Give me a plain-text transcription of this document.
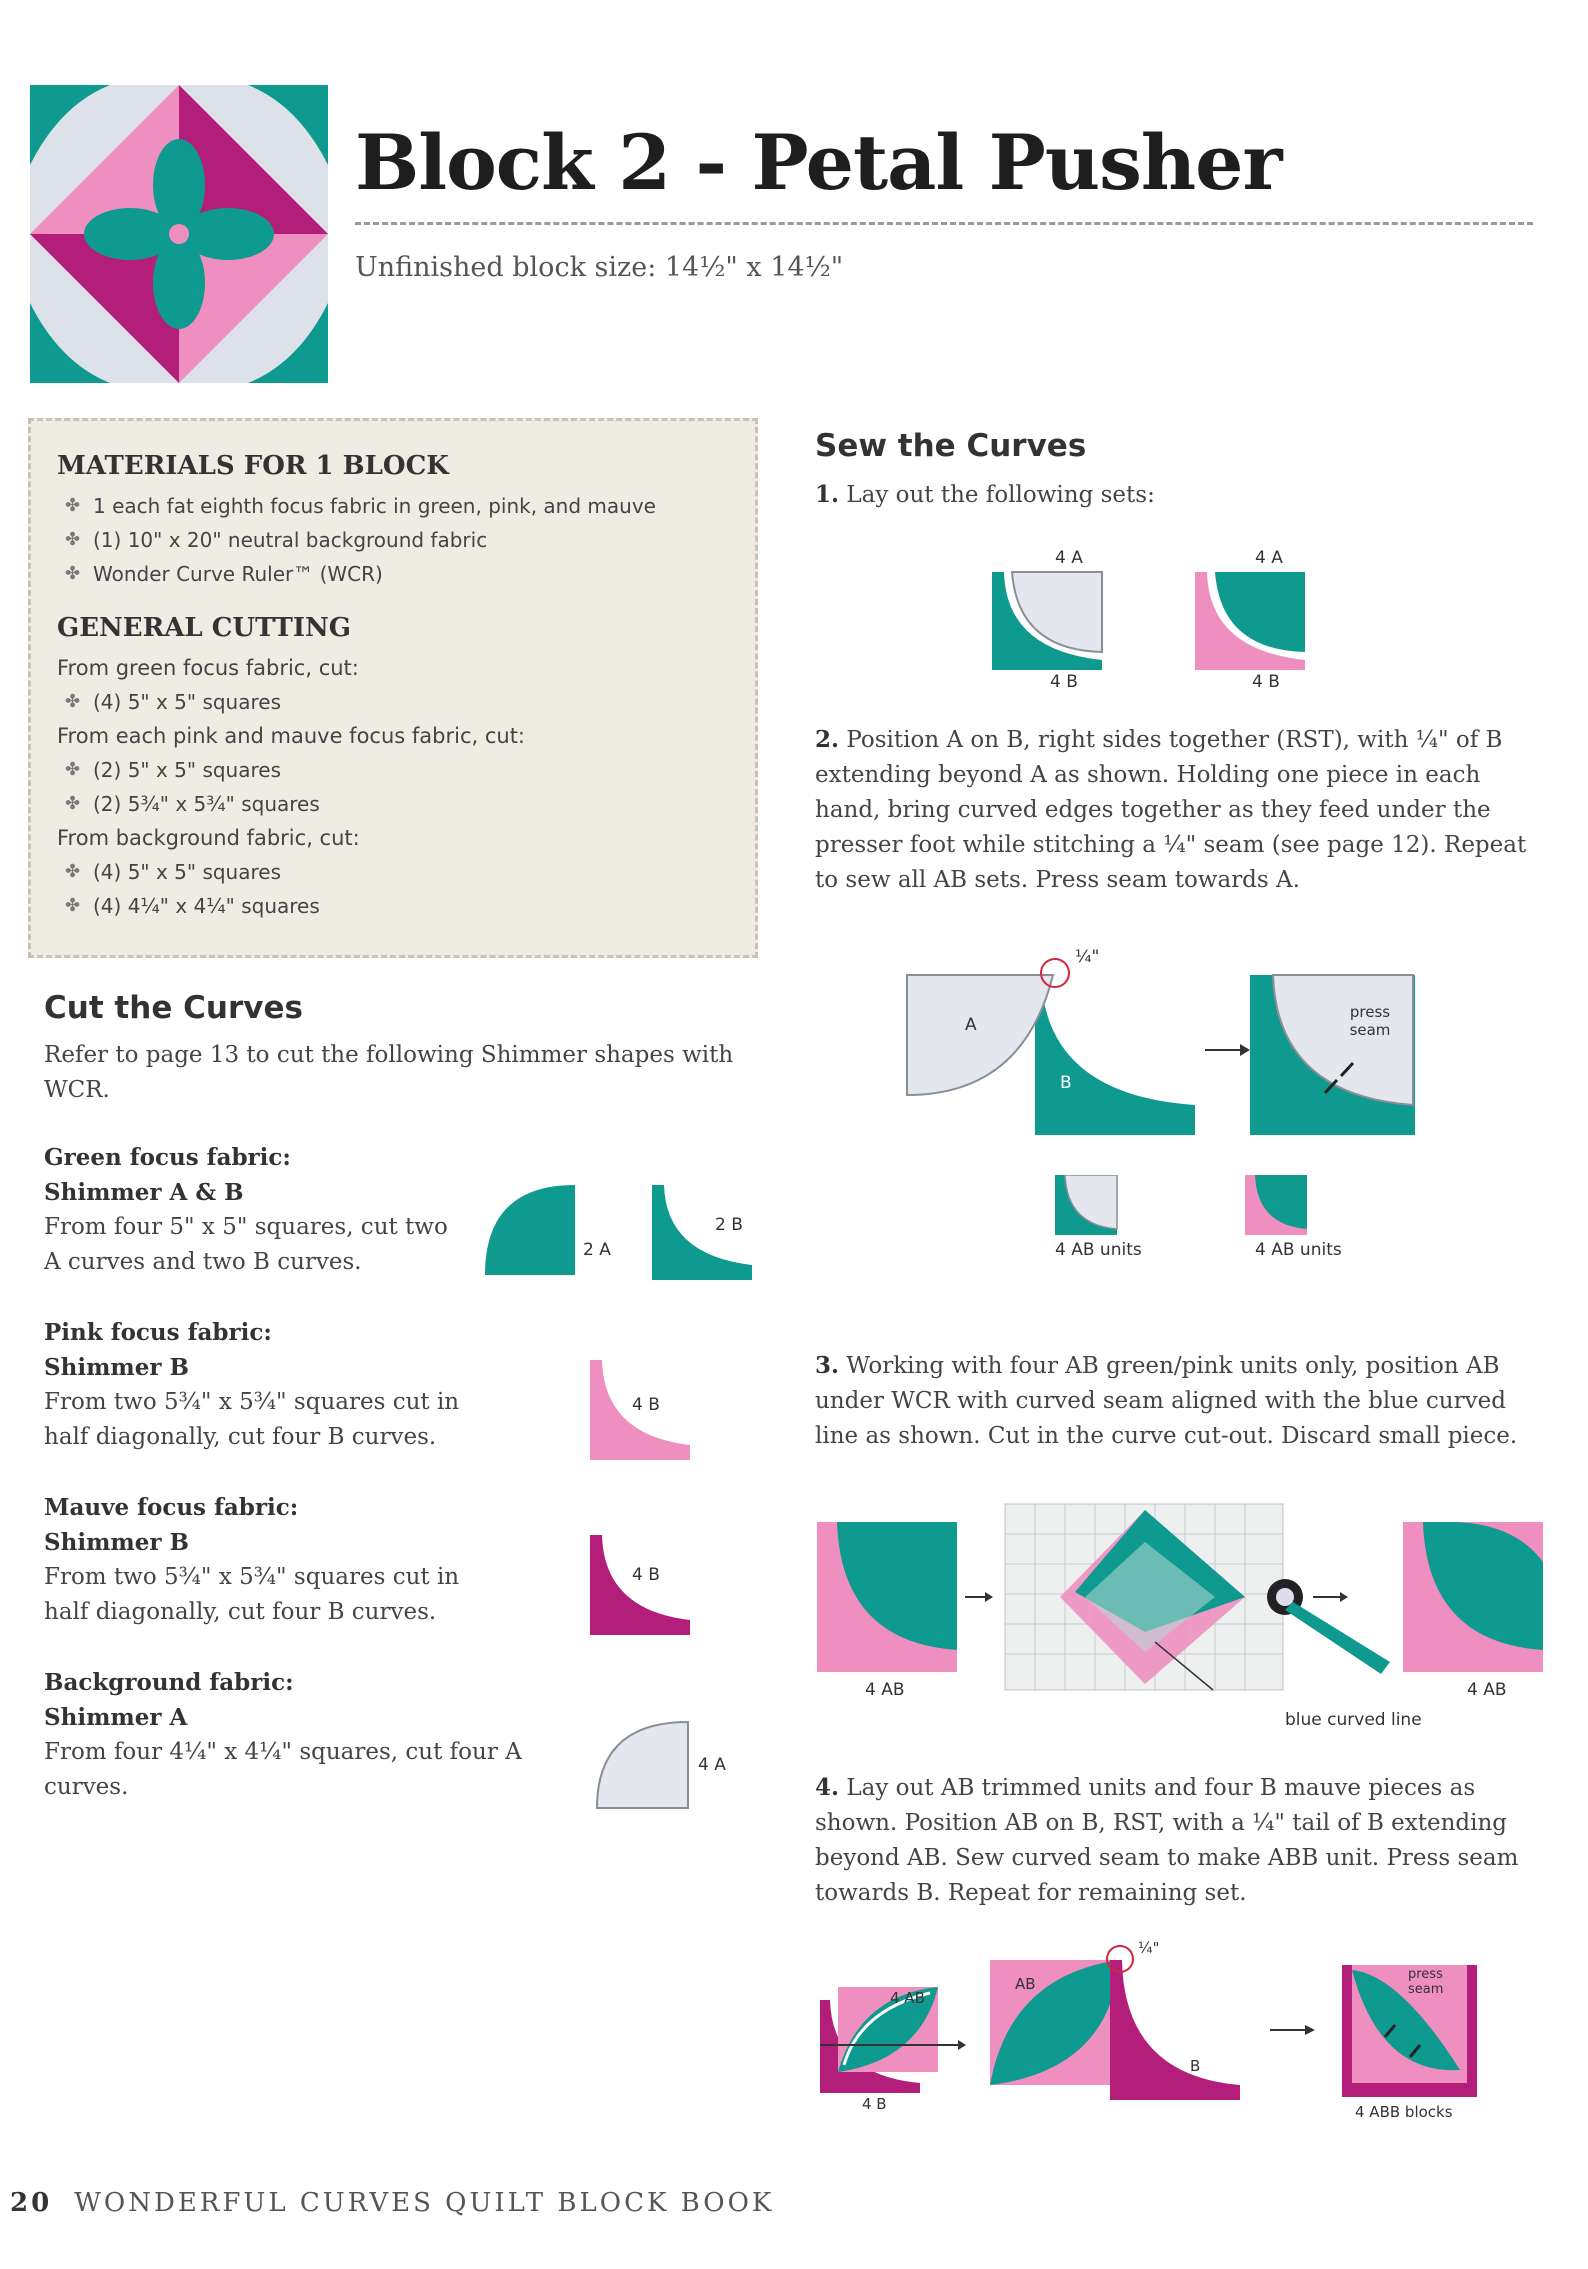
Block 2 - Petal Pusher
Unfinished block size: 14½" x 14½"
MATERIALS FOR 1 BLOCK
✤ 1 each fat eighth focus fabric in green, pink, and mauve
✤ (1) 10" x 20" neutral background fabric
✤ Wonder Curve Ruler™ (WCR)
GENERAL CUTTING

From green focus fabric, cut:

✤ (4) 5" x 5" squares

From each pink and mauve focus fabric, cut:

✤ (2) 5" x 5" squares
✤ (2) 5¾" x 5¾" squares

From background fabric, cut:

✤ (4) 5" x 5" squares
✤ (4) 4¼" x 4¼" squares
Cut the Curves
Refer to page 13 to cut the following Shimmer shapes with WCR.
Green focus fabric:
Shimmer A & B
From four 5" x 5" squares, cut two A curves and two B curves.	2 A
2 B
Pink focus fabric:
Shimmer B
From two 5¾" x 5¾" squares cut in half diagonally, cut four B curves.
4 B
Mauve focus fabric:
Shimmer B
From two 5¾" x 5¾" squares cut in half diagonally, cut four B curves.
4 B
Background fabric:
Shimmer A
From four 4¼" x 4¼" squares, cut four A curves.
4 A
Sew the Curves
1. Lay out the following sets:
4 A
4 B
4 A
4 B
2. Position A on B, right sides together (RST), with ¼" of B extending beyond A as shown. Holding one piece in each hand, bring curved edges together as they feed under the presser foot while stitching a ¼" seam (see page 12). Repeat to sew all AB sets. Press seam towards A.
A
B
¼"
press seam
4 AB units	4 AB units
3. Working with four AB green/pink units only, position AB under WCR with curved seam aligned with the blue curved line as shown. Cut in the curve cut-out. Discard small piece.
4 AB	4 AB
blue curved line
4. Lay out AB trimmed units and four B mauve pieces as shown. Position AB on B, RST, with a ¼" tail of B extending beyond AB. Sew curved seam to make ABB unit. Press seam towards B. Repeat for remaining set.
4 AB
4 B
AB
B
¼"
press seam
4 ABB blocks
20 WONDERFUL CURVES QUILT BLOCK BOOK
